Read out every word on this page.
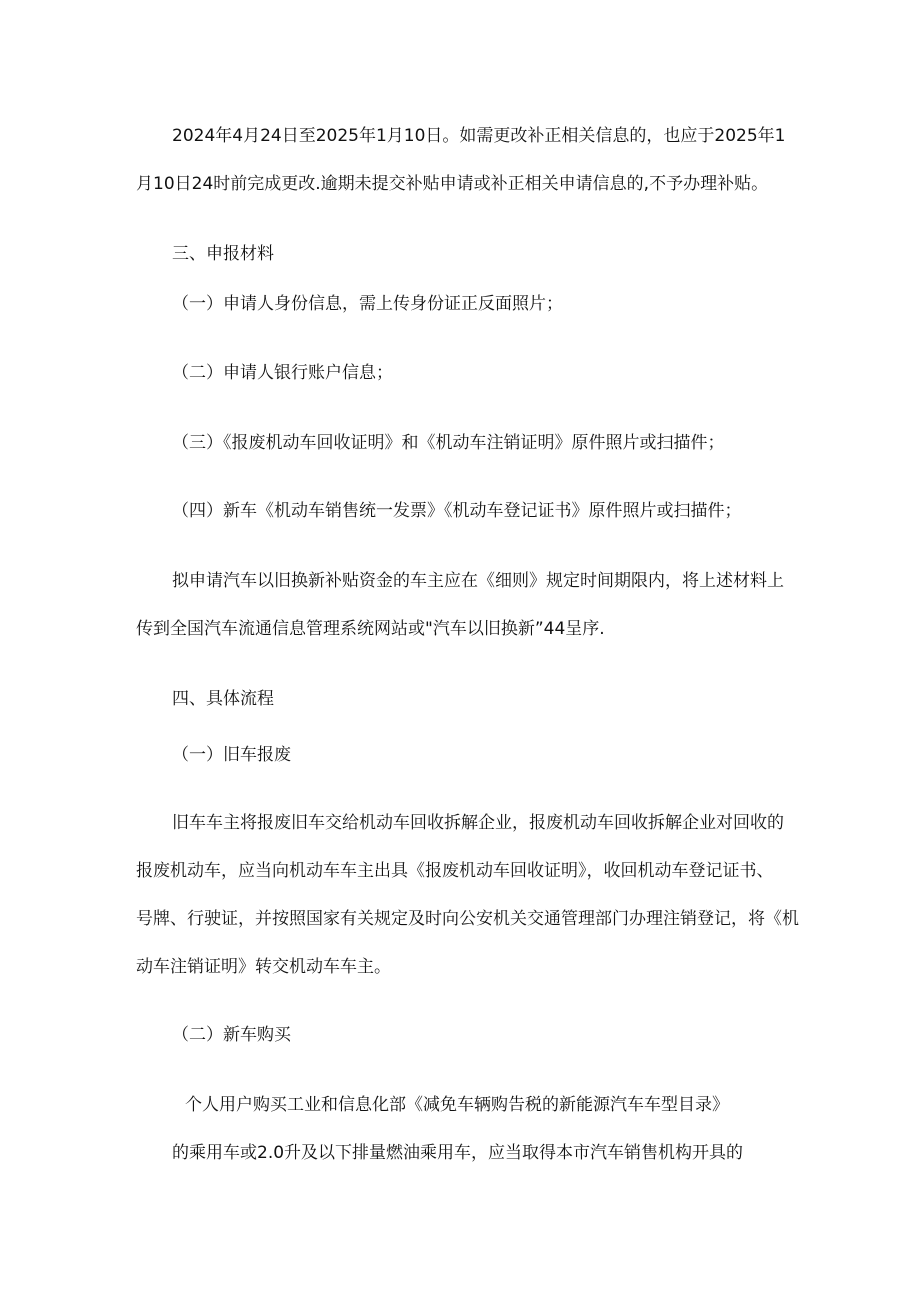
2024年4月24日至2025年1月10日。如需更改补正相关信息的，也应于2025年1

月10日24时前完成更改.逾期未提交补贴申请或补正相关申请信息的,不予办理补贴。

三、申报材料

（一）申请人身份信息，需上传身份证正反面照片；

（二）申请人银行账户信息；

（三）《报废机动车回收证明》和《机动车注销证明》原件照片或扫描件；

（四）新车《机动车销售统一发票》《机动车登记证书》原件照片或扫描件；

拟申请汽车以旧换新补贴资金的车主应在《细则》规定时间期限内，将上述材料上

传到全国汽车流通信息管理系统网站或"汽车以旧换新”44呈序.

四、具体流程

（一）旧车报废

旧车车主将报废旧车交给机动车回收拆解企业，报废机动车回收拆解企业对回收的

报废机动车，应当向机动车车主出具《报废机动车回收证明》，收回机动车登记证书、

号牌、行驶证，并按照国家有关规定及时向公安机关交通管理部门办理注销登记，将《机

动车注销证明》转交机动车车主。

（二）新车购买

个人用户购买工业和信息化部《减免车辆购告税的新能源汽车车型目录》

的乘用车或2.0升及以下排量燃油乘用车，应当取得本市汽车销售机构开具的
